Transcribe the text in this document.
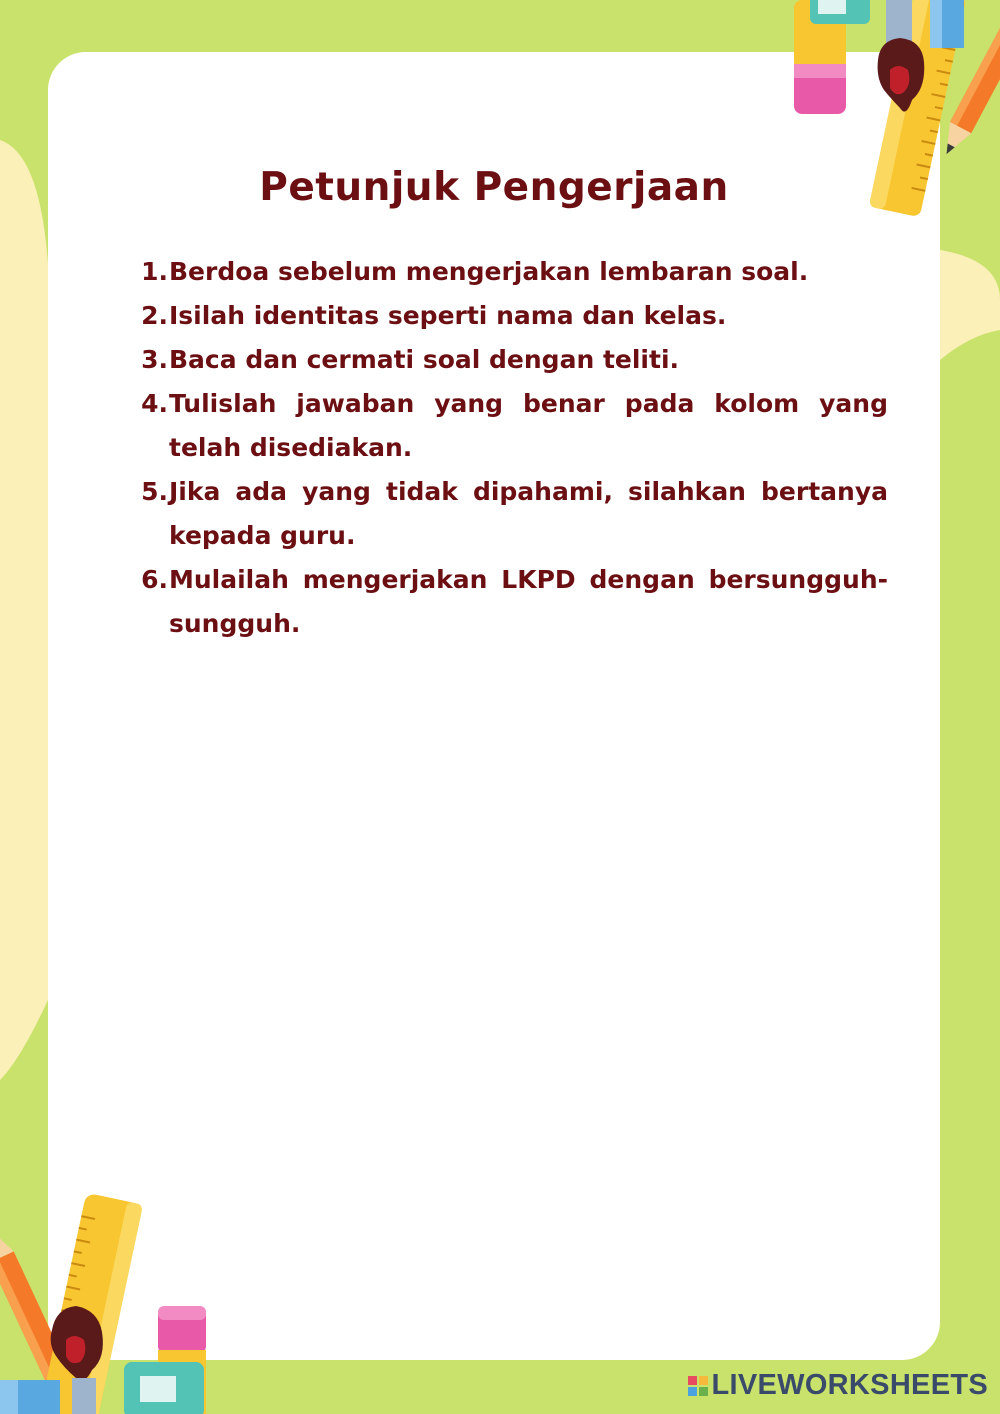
Petunjuk Pengerjaan
1. Berdoa sebelum mengerjakan lembaran soal.
2. Isilah identitas seperti nama dan kelas.
3. Baca dan cermati soal dengan teliti.
4. Tulislah jawaban yang benar pada kolom yang telah disediakan.
5. Jika ada yang tidak dipahami, silahkan bertanya kepada guru.
6. Mulailah mengerjakan LKPD dengan bersungguh-sungguh.
LIVEWORKSHEETS
